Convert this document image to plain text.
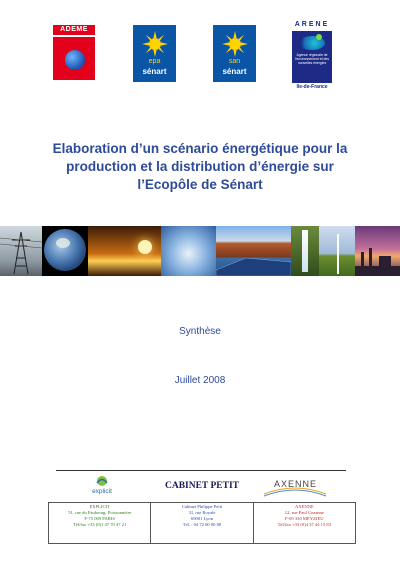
ADEME
epa
sénart
san
sénart
ARENE
Agence régionale de l'environnement et des nouvelles énergies
Ile-de-France
Elaboration d’un scénario énergétique pour la
production et la distribution d’énergie sur
l’Ecopôle de Sénart
Synthèse
Juillet 2008
explicit
CABINET PETIT	AXENNE
EXPLICIT
51, rue du Faubourg, Poissonnière
F-75 009 PARIS
Tél/fax +33 (0)1 47 70 47 21
Cabinet Philippe Petit
31, rue Royale
69001 Lyon
Tél. : 04 72 00 00 00
AXENNE
12, rue Paul Cezanne
F-69 330 MEYZIEU
Tél/fax +33 (0)4 37 44 15 83
